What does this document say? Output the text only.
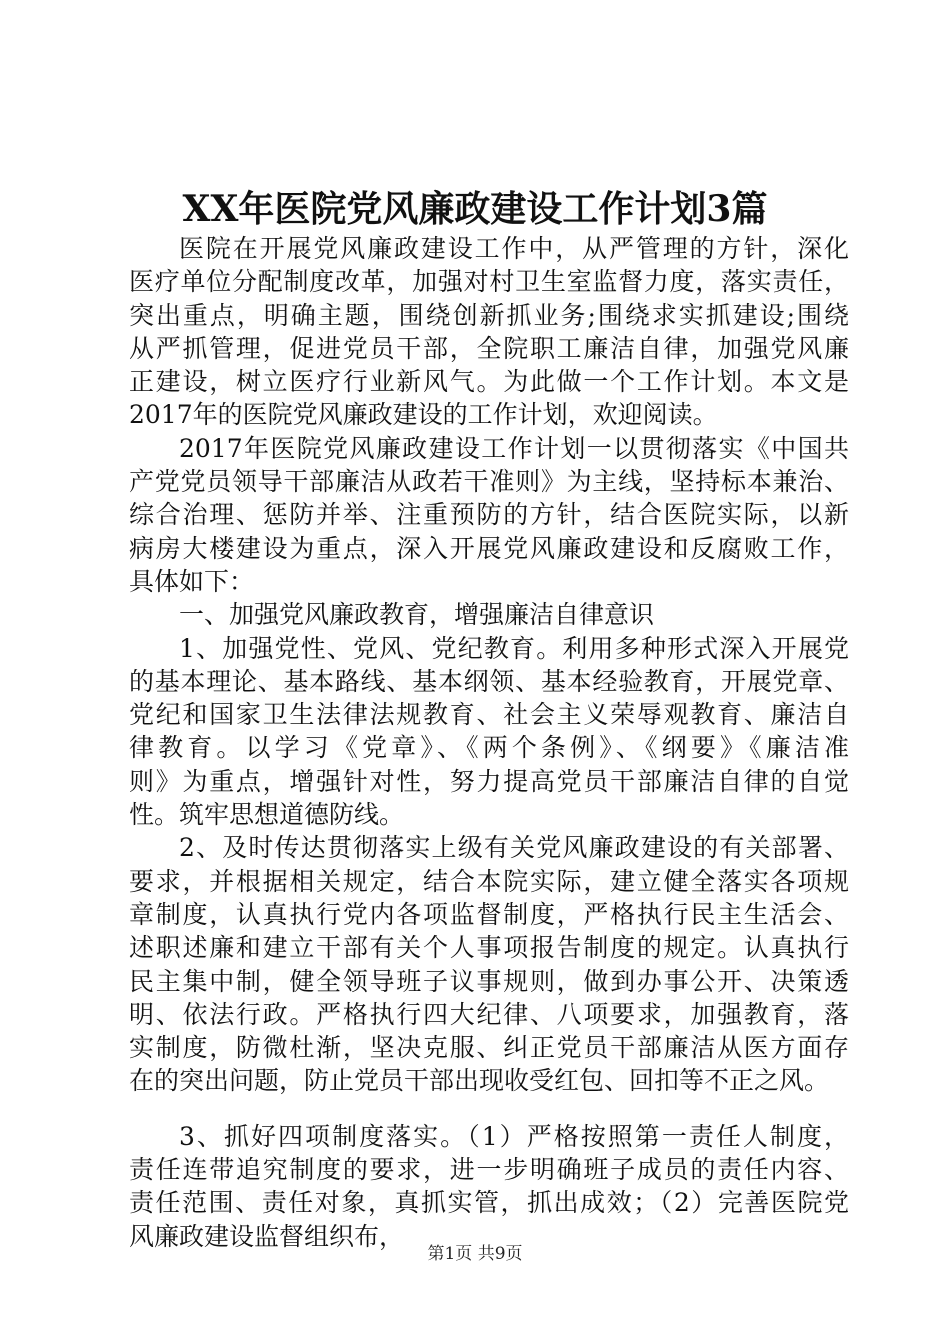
XX年医院党风廉政建设工作计划3篇
医院在开展党风廉政建设工作中，从严管理的方针，深化
医疗单位分配制度改革，加强对村卫生室监督力度，落实责任，
突出重点，明确主题，围绕创新抓业务;围绕求实抓建设;围绕
从严抓管理，促进党员干部，全院职工廉洁自律，加强党风廉
正建设，树立医疗行业新风气。为此做一个工作计划。本文是
2017年的医院党风廉政建设的工作计划，欢迎阅读。
2017年医院党风廉政建设工作计划一以贯彻落实《中国共
产党党员领导干部廉洁从政若干准则》为主线，坚持标本兼治、
综合治理、惩防并举、注重预防的方针，结合医院实际，以新
病房大楼建设为重点，深入开展党风廉政建设和反腐败工作，
具体如下：
一、加强党风廉政教育，增强廉洁自律意识
1、加强党性、党风、党纪教育。利用多种形式深入开展党
的基本理论、基本路线、基本纲领、基本经验教育，开展党章、
党纪和国家卫生法律法规教育、社会主义荣辱观教育、廉洁自
律教育。以学习《党章》、《两个条例》、《纲要》《廉洁准
则》为重点，增强针对性，努力提高党员干部廉洁自律的自觉
性。筑牢思想道德防线。
2、及时传达贯彻落实上级有关党风廉政建设的有关部署、
要求，并根据相关规定，结合本院实际，建立健全落实各项规
章制度，认真执行党内各项监督制度，严格执行民主生活会、
述职述廉和建立干部有关个人事项报告制度的规定。认真执行
民主集中制，健全领导班子议事规则，做到办事公开、决策透
明、依法行政。严格执行四大纪律、八项要求，加强教育，落
实制度，防微杜渐，坚决克服、纠正党员干部廉洁从医方面存
在的突出问题，防止党员干部出现收受红包、回扣等不正之风。
3、抓好四项制度落实。（1）严格按照第一责任人制度，
责任连带追究制度的要求，进一步明确班子成员的责任内容、
责任范围、责任对象，真抓实管，抓出成效；（2）完善医院党
风廉政建设监督组织布，
第1页 共9页
